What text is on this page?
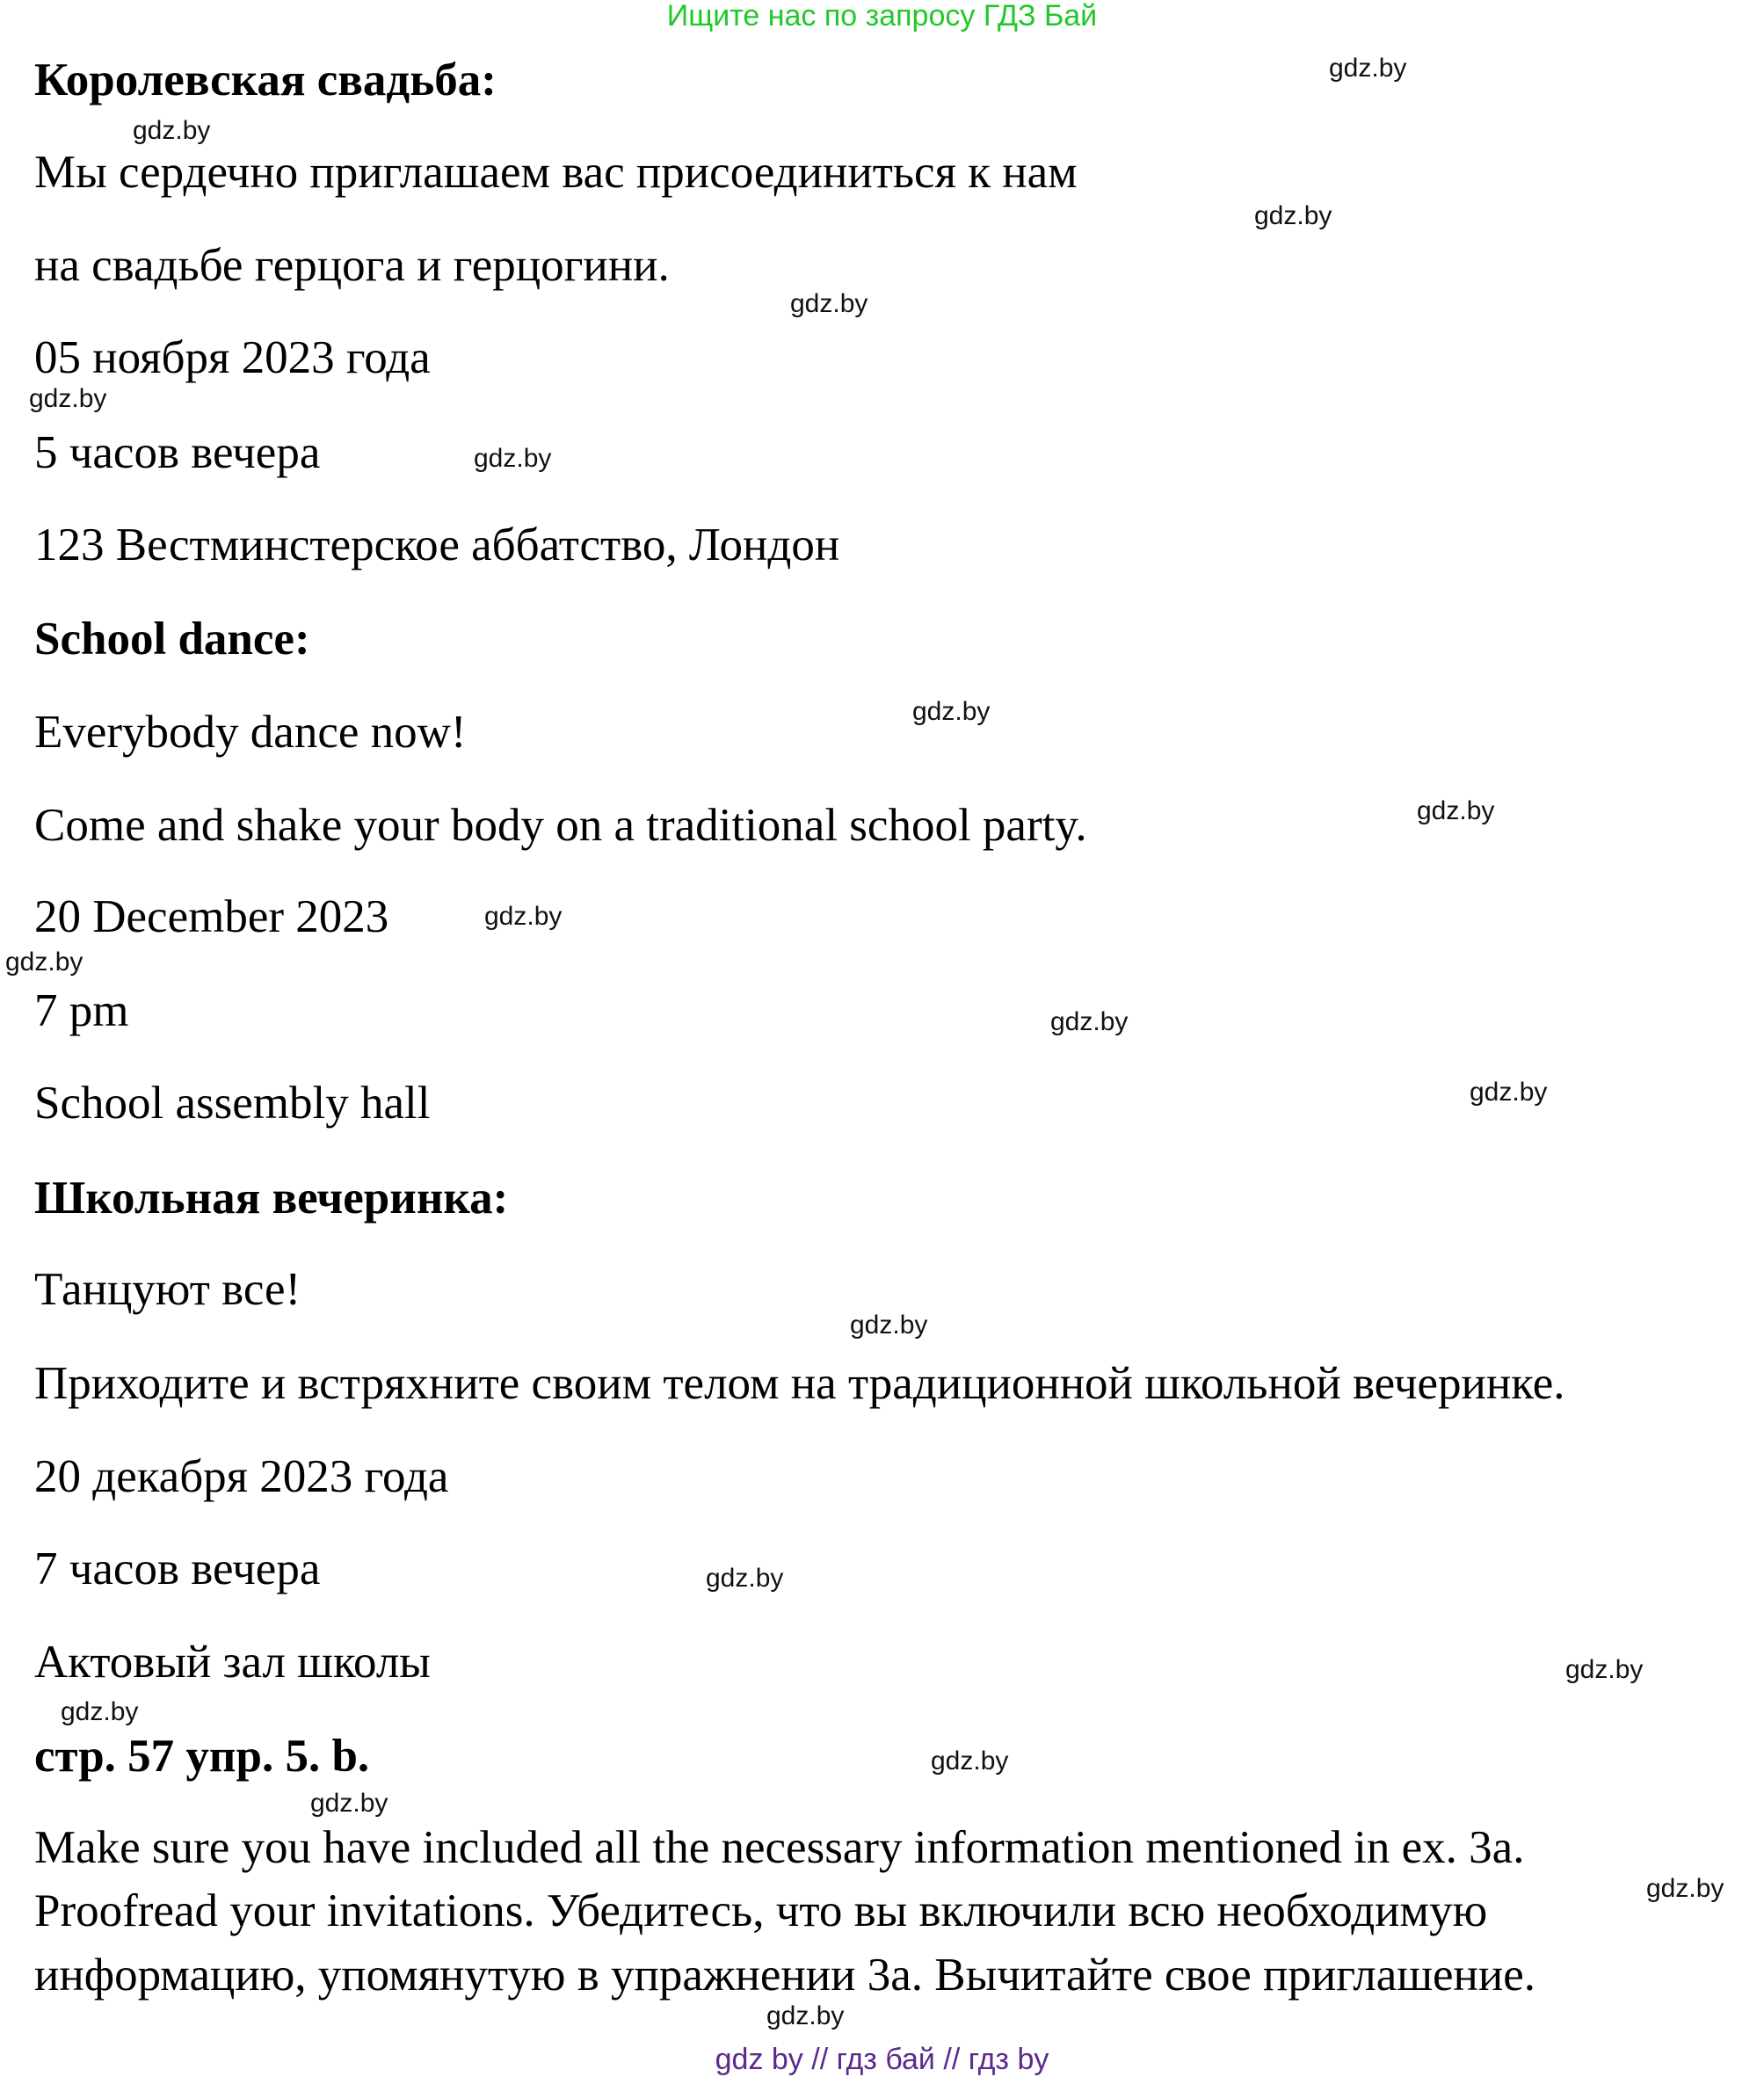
Ищите нас по запросу ГДЗ Бай
Королевская свадьба:
Мы сердечно приглашаем вас присоединиться к нам
на свадьбе герцога и герцогини.
05 ноября 2023 года
5 часов вечера
123 Вестминстерское аббатство, Лондон
School dance:
Everybody dance now!
Come and shake your body on a traditional school party.
20 December 2023
7 pm
School assembly hall
Школьная вечеринка:
Танцуют все!
Приходите и встряхните своим телом на традиционной школьной вечеринке.
20 декабря 2023 года
7 часов вечера
Актовый зал школы
стр. 57 упр. 5. b.
Make sure you have included all the necessary information mentioned in ex. 3a.
Proofread your invitations. Убедитесь, что вы включили всю необходимую
информацию, упомянутую в упражнении 3а. Вычитайте свое приглашение.
gdz.by
gdz.by
gdz.by
gdz.by
gdz.by
gdz.by
gdz.by
gdz.by
gdz.by
gdz.by
gdz.by
gdz.by
gdz.by
gdz.by
gdz.by
gdz.by
gdz.by
gdz.by
gdz.by
gdz.by
gdz by // гдз бай // гдз by
